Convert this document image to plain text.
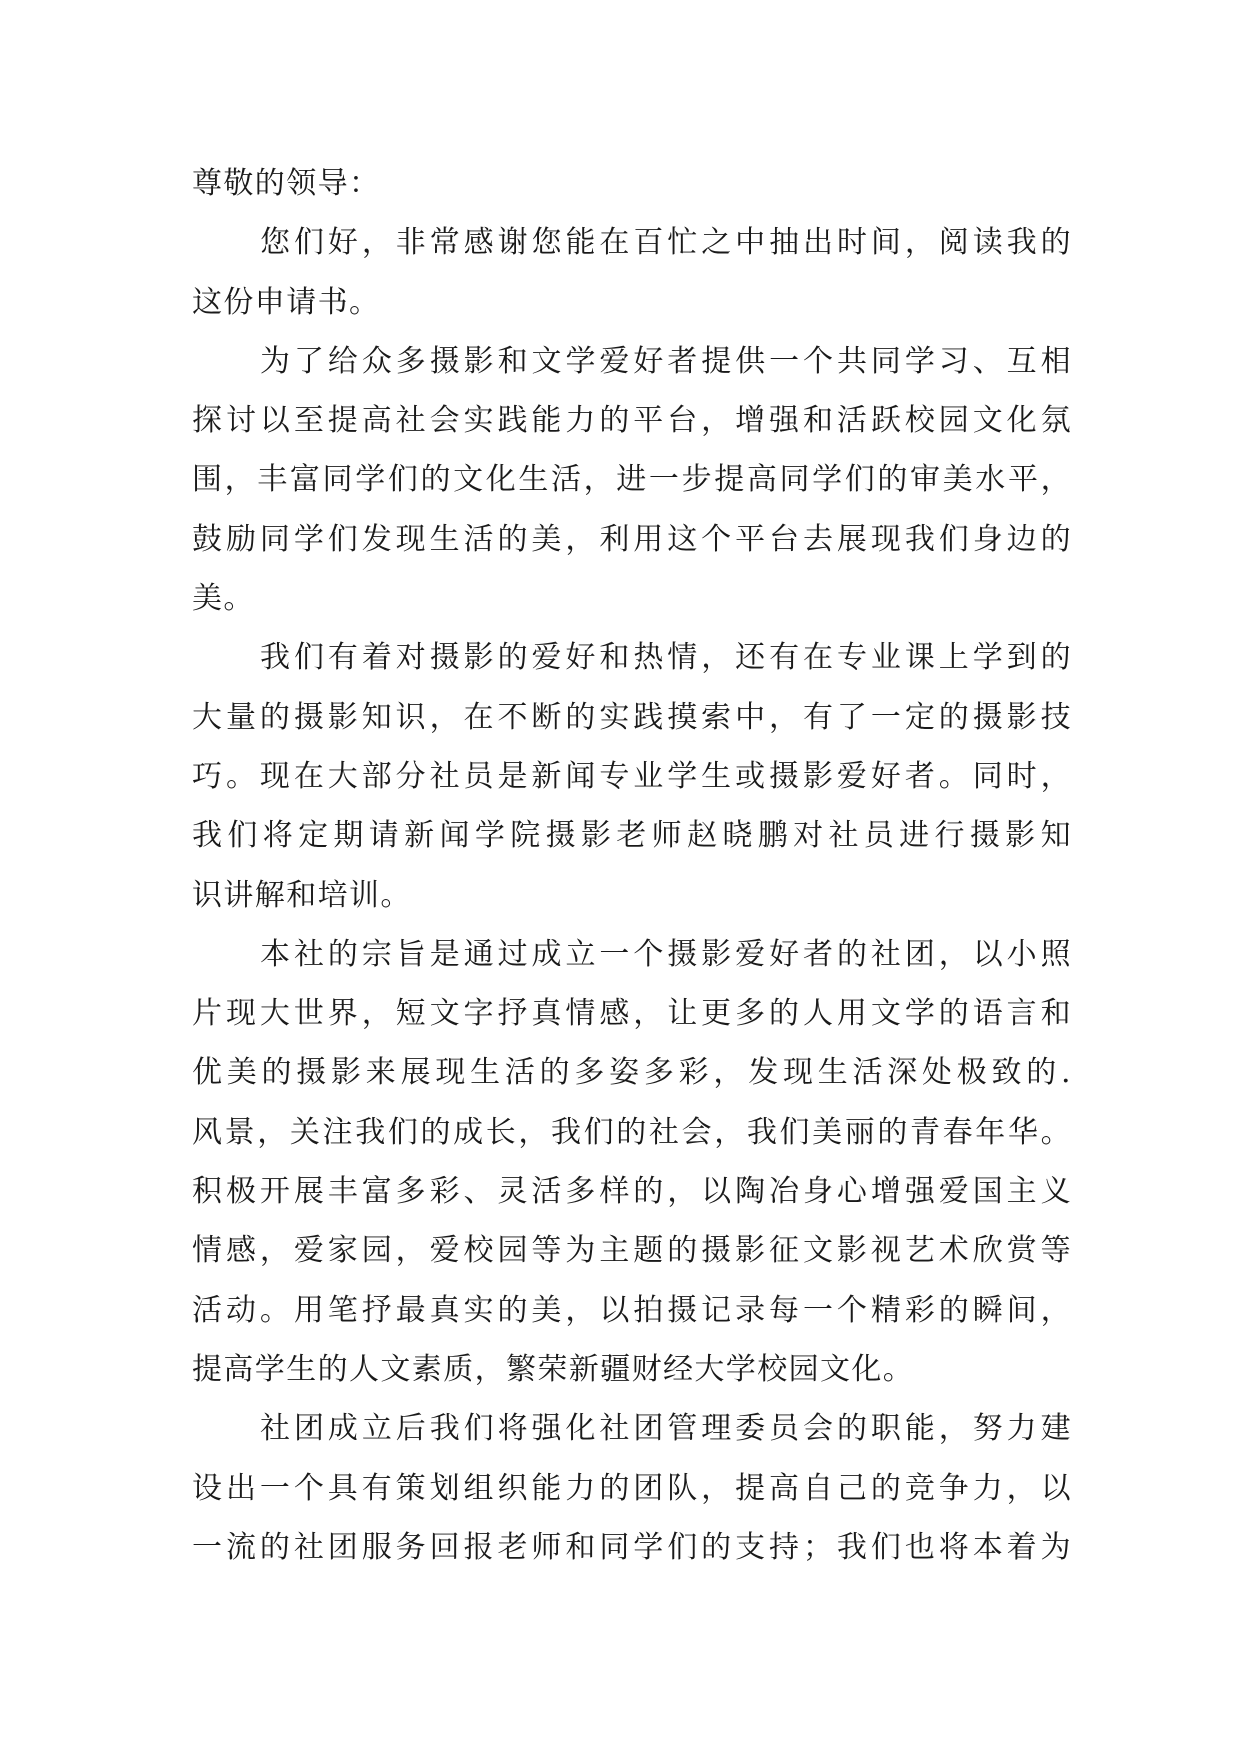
尊敬的领导：
您们好，非常感谢您能在百忙之中抽出时间，阅读我的
这份申请书。
为了给众多摄影和文学爱好者提供一个共同学习、互相
探讨以至提高社会实践能力的平台，增强和活跃校园文化氛
围，丰富同学们的文化生活，进一步提高同学们的审美水平，
鼓励同学们发现生活的美，利用这个平台去展现我们身边的
美。
我们有着对摄影的爱好和热情，还有在专业课上学到的
大量的摄影知识，在不断的实践摸索中，有了一定的摄影技
巧。现在大部分社员是新闻专业学生或摄影爱好者。同时，
我们将定期请新闻学院摄影老师赵晓鹏对社员进行摄影知
识讲解和培训。
本社的宗旨是通过成立一个摄影爱好者的社团，以小照
片现大世界，短文字抒真情感，让更多的人用文学的语言和
优美的摄影来展现生活的多姿多彩，发现生活深处极致的.
风景，关注我们的成长，我们的社会，我们美丽的青春年华。
积极开展丰富多彩、灵活多样的，以陶冶身心增强爱国主义
情感，爱家园，爱校园等为主题的摄影征文影视艺术欣赏等
活动。用笔抒最真实的美，以拍摄记录每一个精彩的瞬间，
提高学生的人文素质，繁荣新疆财经大学校园文化。
社团成立后我们将强化社团管理委员会的职能，努力建
设出一个具有策划组织能力的团队，提高自己的竞争力，以
一流的社团服务回报老师和同学们的支持；我们也将本着为
